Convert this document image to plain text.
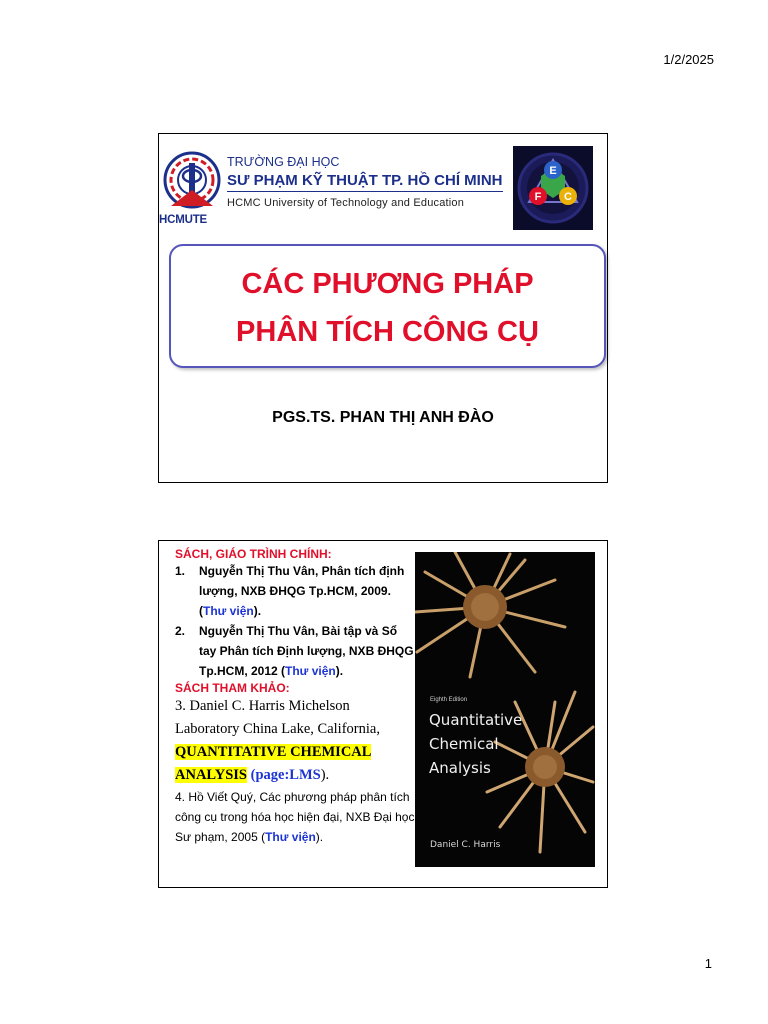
1/2/2025
HCMUTE
TRƯỜNG ĐẠI HỌC
SƯ PHẠM KỸ THUẬT TP. HỒ CHÍ MINH
HCMC University of Technology and Education
E
F C
CÁC PHƯƠNG PHÁP
PHÂN TÍCH CÔNG CỤ
PGS.TS. PHAN THỊ ANH ĐÀO
SÁCH, GIÁO TRÌNH CHÍNH:
1.	Nguyễn Thị Thu Vân, Phân tích định lượng, NXB ĐHQG Tp.HCM, 2009.
(Thư viện).
2.	Nguyễn Thị Thu Vân, Bài tập và Sổ tay Phân tích Định lượng, NXB ĐHQG Tp.HCM, 2012 (Thư viện).
SÁCH THAM KHẢO:
3. Daniel C. Harris Michelson Laboratory China Lake, California,
QUANTITATIVE CHEMICAL
ANALYSIS (page:LMS).
4. Hồ Viết Quý, Các phương pháp phân tích công cụ trong hóa học hiện đại, NXB Đại học Sư phạm, 2005 (Thư viện).
Eighth Edition
Quantitative
Chemical
Analysis
Daniel C. Harris
1
